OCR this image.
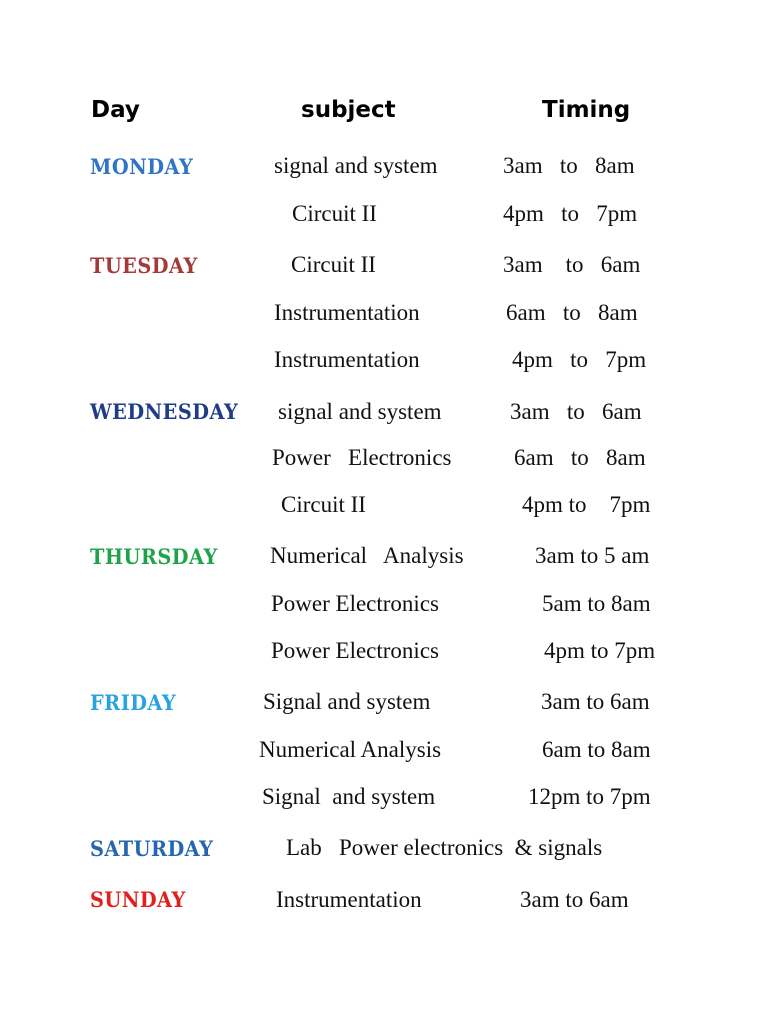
Day	subject	Timing
MONDAY
TUESDAY
WEDNESDAY
THURSDAY
FRIDAY
SATURDAY
SUNDAY
signal and system
Circuit II
Circuit II
Instrumentation
Instrumentation
signal and system
Power   Electronics
Circuit II
Numerical   Analysis
Power Electronics
Power Electronics
Signal and system
Numerical Analysis
Signal  and system
Lab   Power electronics  & signals
Instrumentation
3am   to   8am
4pm   to   7pm
3am    to   6am
6am   to   8am
4pm   to   7pm
3am   to   6am
6am   to   8am
4pm to    7pm
3am to 5 am
5am to 8am
4pm to 7pm
3am to 6am
6am to 8am
12pm to 7pm
3am to 6am
